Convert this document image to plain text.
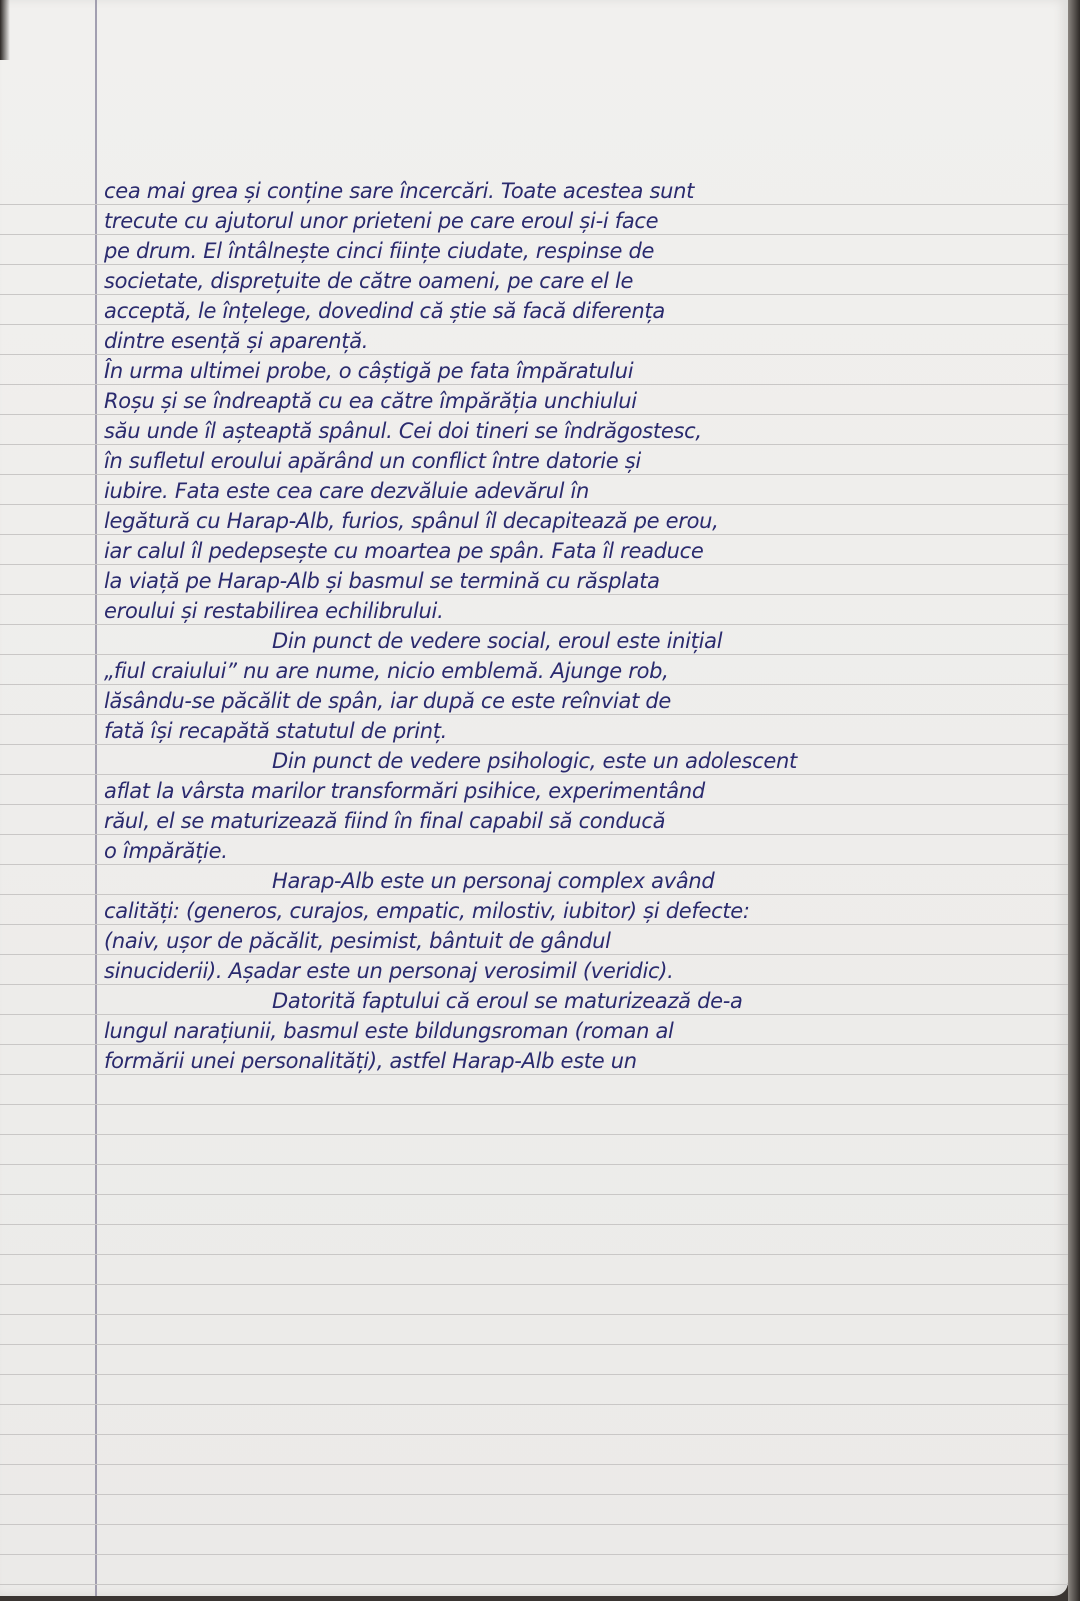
cea mai grea și conține sare încercări. Toate acestea sunt
trecute cu ajutorul unor prieteni pe care eroul și-i face
pe drum. El întâlnește cinci ființe ciudate, respinse de
societate, disprețuite de către oameni, pe care el le
acceptă, le înțelege, dovedind că știe să facă diferența
dintre esență și aparență.
În urma ultimei probe, o câștigă pe fata împăratului
Roșu și se îndreaptă cu ea către împărăția unchiului
său unde îl așteaptă spânul. Cei doi tineri se îndrăgostesc,
în sufletul eroului apărând un conflict între datorie și
iubire. Fata este cea care dezvăluie adevărul în
legătură cu Harap-Alb, furios, spânul îl decapitează pe erou,
iar calul îl pedepsește cu moartea pe spân. Fata îl readuce
la viață pe Harap-Alb și basmul se termină cu răsplata
eroului și restabilirea echilibrului.
Din punct de vedere social, eroul este inițial
„fiul craiului” nu are nume, nicio emblemă. Ajunge rob,
lăsându-se păcălit de spân, iar după ce este reînviat de
fată își recapătă statutul de prinț.
Din punct de vedere psihologic, este un adolescent
aflat la vârsta marilor transformări psihice, experimentând
răul, el se maturizează fiind în final capabil să conducă
o împărăție.
Harap-Alb este un personaj complex având
calități: (generos, curajos, empatic, milostiv, iubitor) și defecte:
(naiv, ușor de păcălit, pesimist, bântuit de gândul
sinuciderii). Așadar este un personaj verosimil (veridic).
Datorită faptului că eroul se maturizează de-a
lungul narațiunii, basmul este bildungsroman (roman al
formării unei personalități), astfel Harap-Alb este un
